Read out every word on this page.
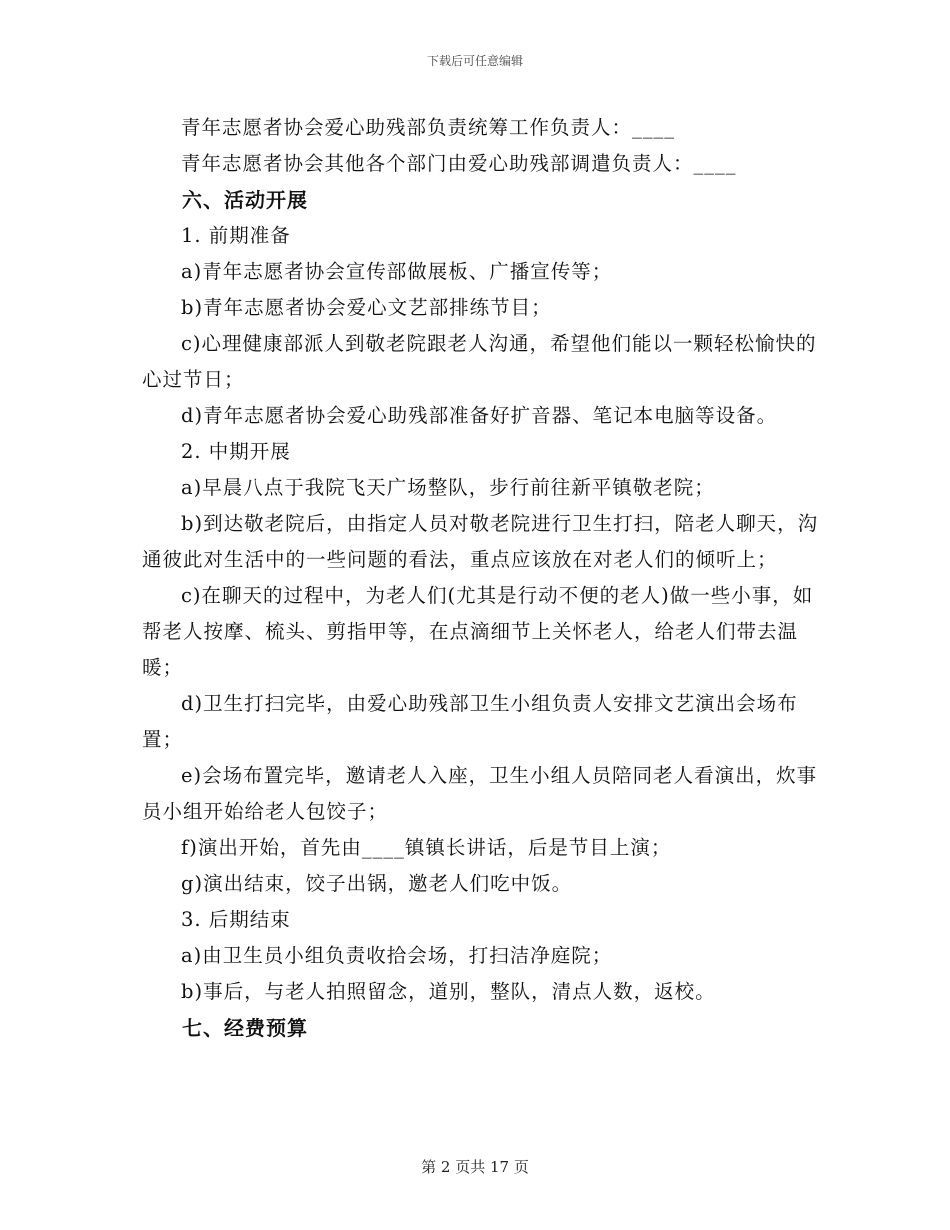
下载后可任意编辑

青年志愿者协会爱心助残部负责统筹工作负责人：____

青年志愿者协会其他各个部门由爱心助残部调遣负责人：____

六、活动开展

1. 前期准备

a)青年志愿者协会宣传部做展板、广播宣传等；

b)青年志愿者协会爱心文艺部排练节目；

c)心理健康部派人到敬老院跟老人沟通，希望他们能以一颗轻松愉快的心过节日；

d)青年志愿者协会爱心助残部准备好扩音器、笔记本电脑等设备。

2. 中期开展

a)早晨八点于我院飞天广场整队，步行前往新平镇敬老院；

b)到达敬老院后，由指定人员对敬老院进行卫生打扫，陪老人聊天，沟通彼此对生活中的一些问题的看法，重点应该放在对老人们的倾听上；

c)在聊天的过程中，为老人们(尤其是行动不便的老人)做一些小事，如帮老人按摩、梳头、剪指甲等，在点滴细节上关怀老人，给老人们带去温暖；

d)卫生打扫完毕，由爱心助残部卫生小组负责人安排文艺演出会场布置；

e)会场布置完毕，邀请老人入座，卫生小组人员陪同老人看演出，炊事员小组开始给老人包饺子；

f)演出开始，首先由____镇镇长讲话，后是节目上演；

g)演出结束，饺子出锅，邀老人们吃中饭。

3. 后期结束

a)由卫生员小组负责收拾会场，打扫洁净庭院；

b)事后，与老人拍照留念，道别，整队，清点人数，返校。

七、经费预算

第 2 页共 17 页
